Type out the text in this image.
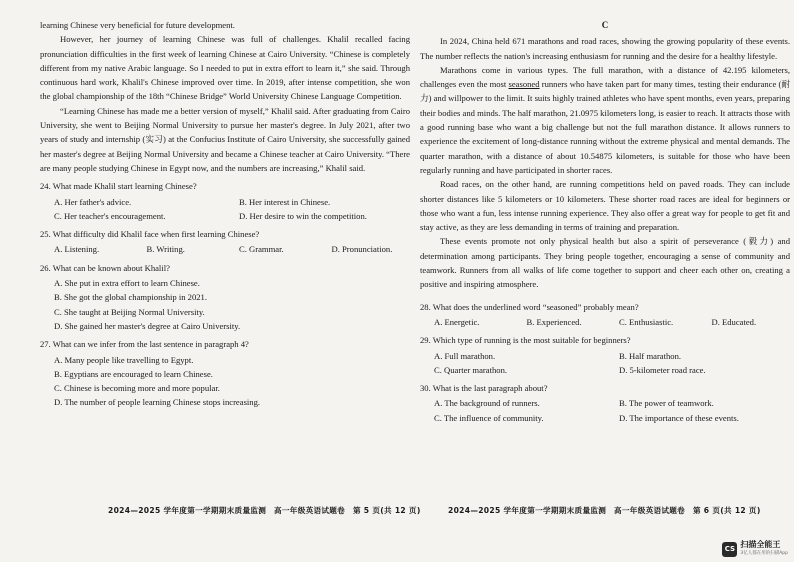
learning Chinese very beneficial for future development.

However, her journey of learning Chinese was full of challenges. Khalil recalled facing pronunciation difficulties in the first week of learning Chinese at Cairo University. “Chinese is completely different from my native Arabic language. So I needed to put in extra effort to learn it,” she said. Through continuous hard work, Khalil's Chinese improved over time. In 2019, after intense competition, she won the global championship of the 18th “Chinese Bridge” World University Chinese Language Competition.

“Learning Chinese has made me a better version of myself,” Khalil said. After graduating from Cairo University, she went to Beijing Normal University to pursue her master's degree. In July 2021, after two years of study and internship (实习) at the Confucius Institute of Cairo University, she successfully gained her master's degree at Beijing Normal University and became a Chinese teacher at Cairo University. “There are many people studying Chinese in Egypt now, and the numbers are increasing,” Khalil said.

24. What made Khalil start learning Chinese?
A. Her father's advice.	B. Her interest in Chinese.
C. Her teacher's encouragement.	D. Her desire to win the competition.
25. What difficulty did Khalil face when first learning Chinese?
A. Listening.	B. Writing.	C. Grammar.	D. Pronunciation.
26. What can be known about Khalil?
A. She put in extra effort to learn Chinese.
B. She got the global championship in 2021.
C. She taught at Beijing Normal University.
D. She gained her master's degree at Cairo University.
27. What can we infer from the last sentence in paragraph 4?
A. Many people like travelling to Egypt.
B. Egyptians are encouraged to learn Chinese.
C. Chinese is becoming more and more popular.
D. The number of people learning Chinese stops increasing.
C

In 2024, China held 671 marathons and road races, showing the growing popularity of these events. The number reflects the nation's increasing enthusiasm for running and the desire for a healthy lifestyle.

Marathons come in various types. The full marathon, with a distance of 42.195 kilometers, challenges even the most seasoned runners who have taken part for many times, testing their endurance (耐力) and willpower to the limit. It suits highly trained athletes who have spent months, even years, preparing their bodies and minds. The half marathon, 21.0975 kilometers long, is easier to reach. It attracts those with a good running base who want a big challenge but not the full marathon distance. It allows runners to experience the excitement of long-distance running without the extreme physical and mental demands. The quarter marathon, with a distance of about 10.54875 kilometers, is suitable for those who have been regularly running and have participated in shorter races.

Road races, on the other hand, are running competitions held on paved roads. They can include shorter distances like 5 kilometers or 10 kilometers. These shorter road races are ideal for beginners or those who want a fun, less intense running experience. They also offer a great way for people to get fit and stay active, as they are less demanding in terms of training and preparation.

These events promote not only physical health but also a spirit of perseverance (毅力) and determination among participants. They bring people together, encouraging a sense of community and teamwork. Runners from all walks of life come together to support and cheer each other on, creating a positive and inspiring atmosphere.

28. What does the underlined word “seasoned” probably mean?
A. Energetic.	B. Experienced.	C. Enthusiastic.	D. Educated.
29. Which type of running is the most suitable for beginners?
A. Full marathon.	B. Half marathon.
C. Quarter marathon.	D. 5-kilometer road race.
30. What is the last paragraph about?
A. The background of runners.	B. The power of teamwork.
C. The influence of community.	D. The importance of these events.
2024—2025 学年度第一学期期末质量监测　高一年级英语试题卷　第 5 页(共 12 页)	2024—2025 学年度第一学期期末质量监测　高一年级英语试题卷　第 6 页(共 12 页)
CS 扫描全能王
3亿人都在用的扫描App
